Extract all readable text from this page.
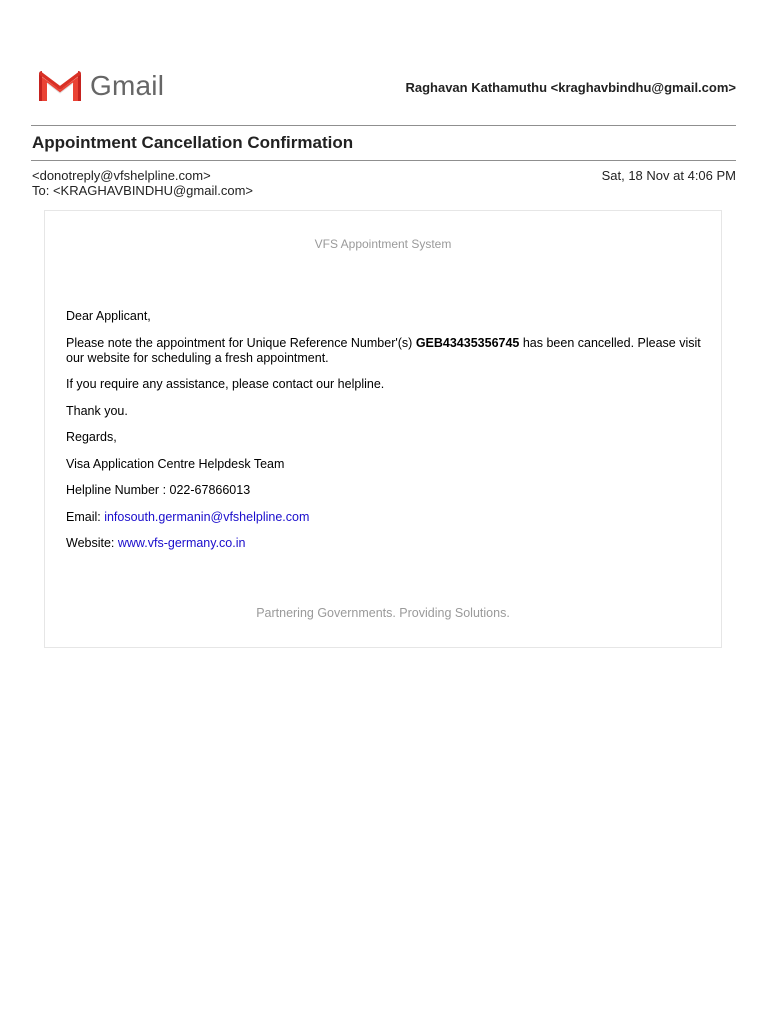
Gmail	Raghavan Kathamuthu <kraghavbindhu@gmail.com>
Appointment Cancellation Confirmation
<donotreply@vfshelpline.com>
To: <KRAGHAVBINDHU@gmail.com>
Sat, 18 Nov at 4:06 PM
VFS Appointment System

Dear Applicant,

Please note the appointment for Unique Reference Number'(s) GEB43435356745 has been cancelled. Please visit our website for scheduling a fresh appointment.

If you require any assistance, please contact our helpline.

Thank you.

Regards,

Visa Application Centre Helpdesk Team

Helpline Number : 022-67866013

Email: infosouth.germanin@vfshelpline.com

Website: www.vfs-germany.co.in

Partnering Governments. Providing Solutions.
